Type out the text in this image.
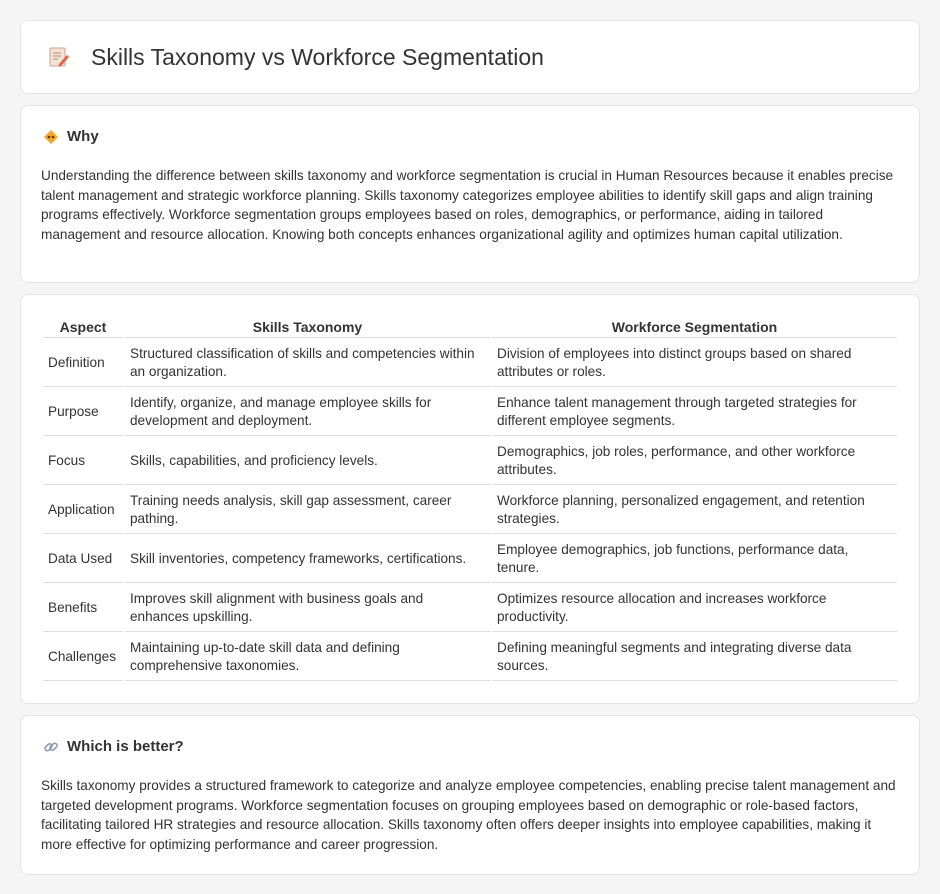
Skills Taxonomy vs Workforce Segmentation
Why

Understanding the difference between skills taxonomy and workforce segmentation is crucial in Human Resources because it enables precise talent management and strategic workforce planning. Skills taxonomy categorizes employee abilities to identify skill gaps and align training programs effectively. Workforce segmentation groups employees based on roles, demographics, or performance, aiding in tailored management and resource allocation. Knowing both concepts enhances organizational agility and optimizes human capital utilization.

Aspect	Skills Taxonomy	Workforce Segmentation
Definition	Structured classification of skills and competencies within an organization.	Division of employees into distinct groups based on shared attributes or roles.
Purpose	Identify, organize, and manage employee skills for development and deployment.	Enhance talent management through targeted strategies for different employee segments.
Focus	Skills, capabilities, and proficiency levels.	Demographics, job roles, performance, and other workforce attributes.
Application	Training needs analysis, skill gap assessment, career pathing.	Workforce planning, personalized engagement, and retention strategies.
Data Used	Skill inventories, competency frameworks, certifications.	Employee demographics, job functions, performance data, tenure.
Benefits	Improves skill alignment with business goals and enhances upskilling.	Optimizes resource allocation and increases workforce productivity.
Challenges	Maintaining up-to-date skill data and defining comprehensive taxonomies.	Defining meaningful segments and integrating diverse data sources.
Which is better?

Skills taxonomy provides a structured framework to categorize and analyze employee competencies, enabling precise talent management and targeted development programs. Workforce segmentation focuses on grouping employees based on demographic or role-based factors, facilitating tailored HR strategies and resource allocation. Skills taxonomy often offers deeper insights into employee capabilities, making it more effective for optimizing performance and career progression.
